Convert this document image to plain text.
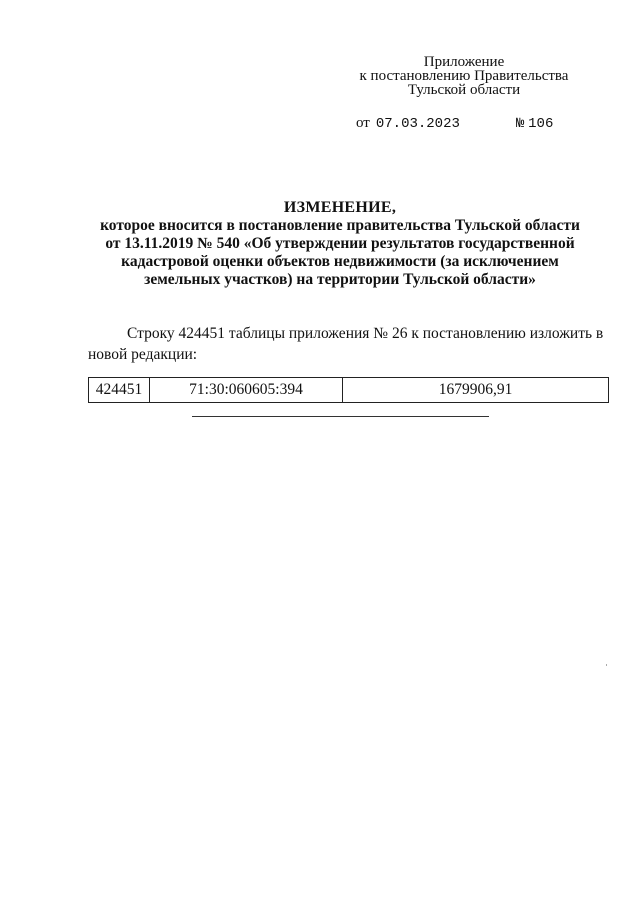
Приложение
к постановлению Правительства
Тульской области
от 07.03.2023	№ 106
ИЗМЕНЕНИЕ,
которое вносится в постановление правительства Тульской области
от 13.11.2019 № 540 «Об утверждении результатов государственной
кадастровой оценки объектов недвижимости (за исключением
земельных участков) на территории Тульской области»
Строку 424451 таблицы приложения № 26 к постановлению изложить в
новой редакции:
424451	71:30:060605:394	1679906,91
